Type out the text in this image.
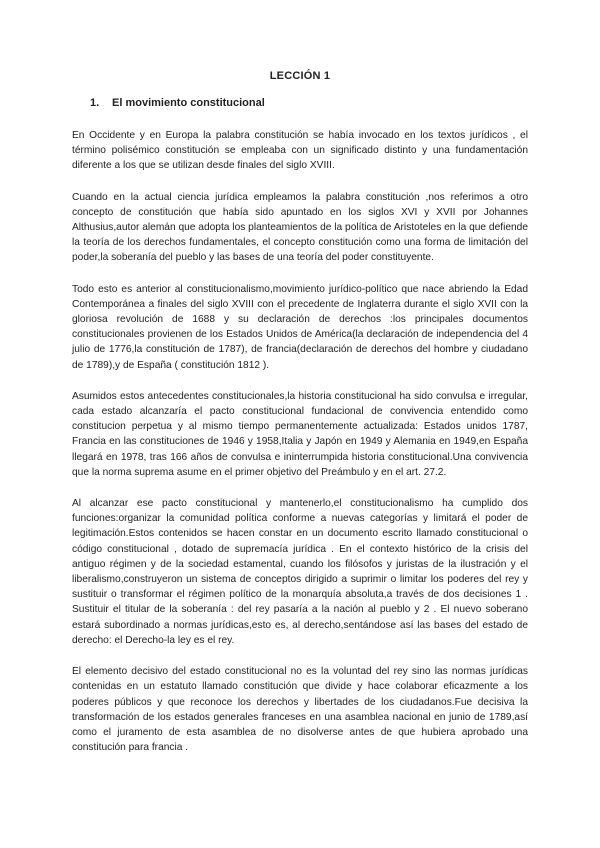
LECCIÓN 1
1. El movimiento constitucional

En Occidente y en Europa la palabra constitución se había invocado en los textos jurídicos , el término polisémico constitución se empleaba con un significado distinto y una fundamentación diferente a los que se utilizan desde finales del siglo XVIII.

Cuando en la actual ciencia jurídica empleamos la palabra constitución ,nos referimos a otro concepto de constitución que había sido apuntado en los siglos XVI y XVII por Johannes Althusius,autor alemán que adopta los planteamientos de la política de Aristoteles en la que defiende la teoría de los derechos fundamentales, el concepto constitución como una forma de limitación del poder,la soberanía del pueblo y las bases de una teoría del poder constituyente.

Todo esto es anterior al constitucionalismo,movimiento jurídico-político que nace abriendo la Edad Contemporánea a finales del siglo XVIII con el precedente de Inglaterra durante el siglo XVII con la gloriosa revolución de 1688 y su declaración de derechos :los principales documentos constitucionales provienen de los Estados Unidos de América(la declaración de independencia del 4 julio de 1776,la constitución de 1787), de francia(declaración de derechos del hombre y ciudadano de 1789),y de España ( constitución 1812 ).

Asumidos estos antecedentes constitucionales,la historia constitucional ha sido convulsa e irregular, cada estado alcanzaría el pacto constitucional fundacional de convivencia entendido como constitucion perpetua y al mismo tiempo permanentemente actualizada: Estados unidos 1787, Francia en las constituciones de 1946 y 1958,Italia y Japón en 1949 y Alemania en 1949,en España llegará en 1978, tras 166 años de convulsa e ininterrumpida historia constitucional.Una convivencia que la norma suprema asume en el primer objetivo del Preámbulo y en el art. 27.2.

Al alcanzar ese pacto constitucional y mantenerlo,el constitucionalismo ha cumplido dos funciones:organizar la comunidad política conforme a nuevas categorías y limitará el poder de legitimación.Estos contenidos se hacen constar en un documento escrito llamado constitucional o código constitucional , dotado de supremacía jurídica . En el contexto histórico de la crisis del antiguo régimen y de la sociedad estamental, cuando los filósofos y juristas de la ilustración y el liberalismo,construyeron un sistema de conceptos dirigido a suprimir o limitar los poderes del rey y sustituir o transformar el régimen político de la monarquía absoluta,a través de dos decisiones 1 . Sustituir el titular de la soberanía : del rey pasaría a la nación al pueblo y 2 . El nuevo soberano estará subordinado a normas jurídicas,esto es, al derecho,sentándose así las bases del estado de derecho: el Derecho-la ley es el rey.

El elemento decisivo del estado constitucional no es la voluntad del rey sino las normas jurídicas contenidas en un estatuto llamado constitución que divide y hace colaborar eficazmente a los poderes públicos y que reconoce los derechos y libertades de los ciudadanos.Fue decisiva la transformación de los estados generales franceses en una asamblea nacional en junio de 1789,así como el juramento de esta asamblea de no disolverse antes de que hubiera aprobado una constitución para francia .
